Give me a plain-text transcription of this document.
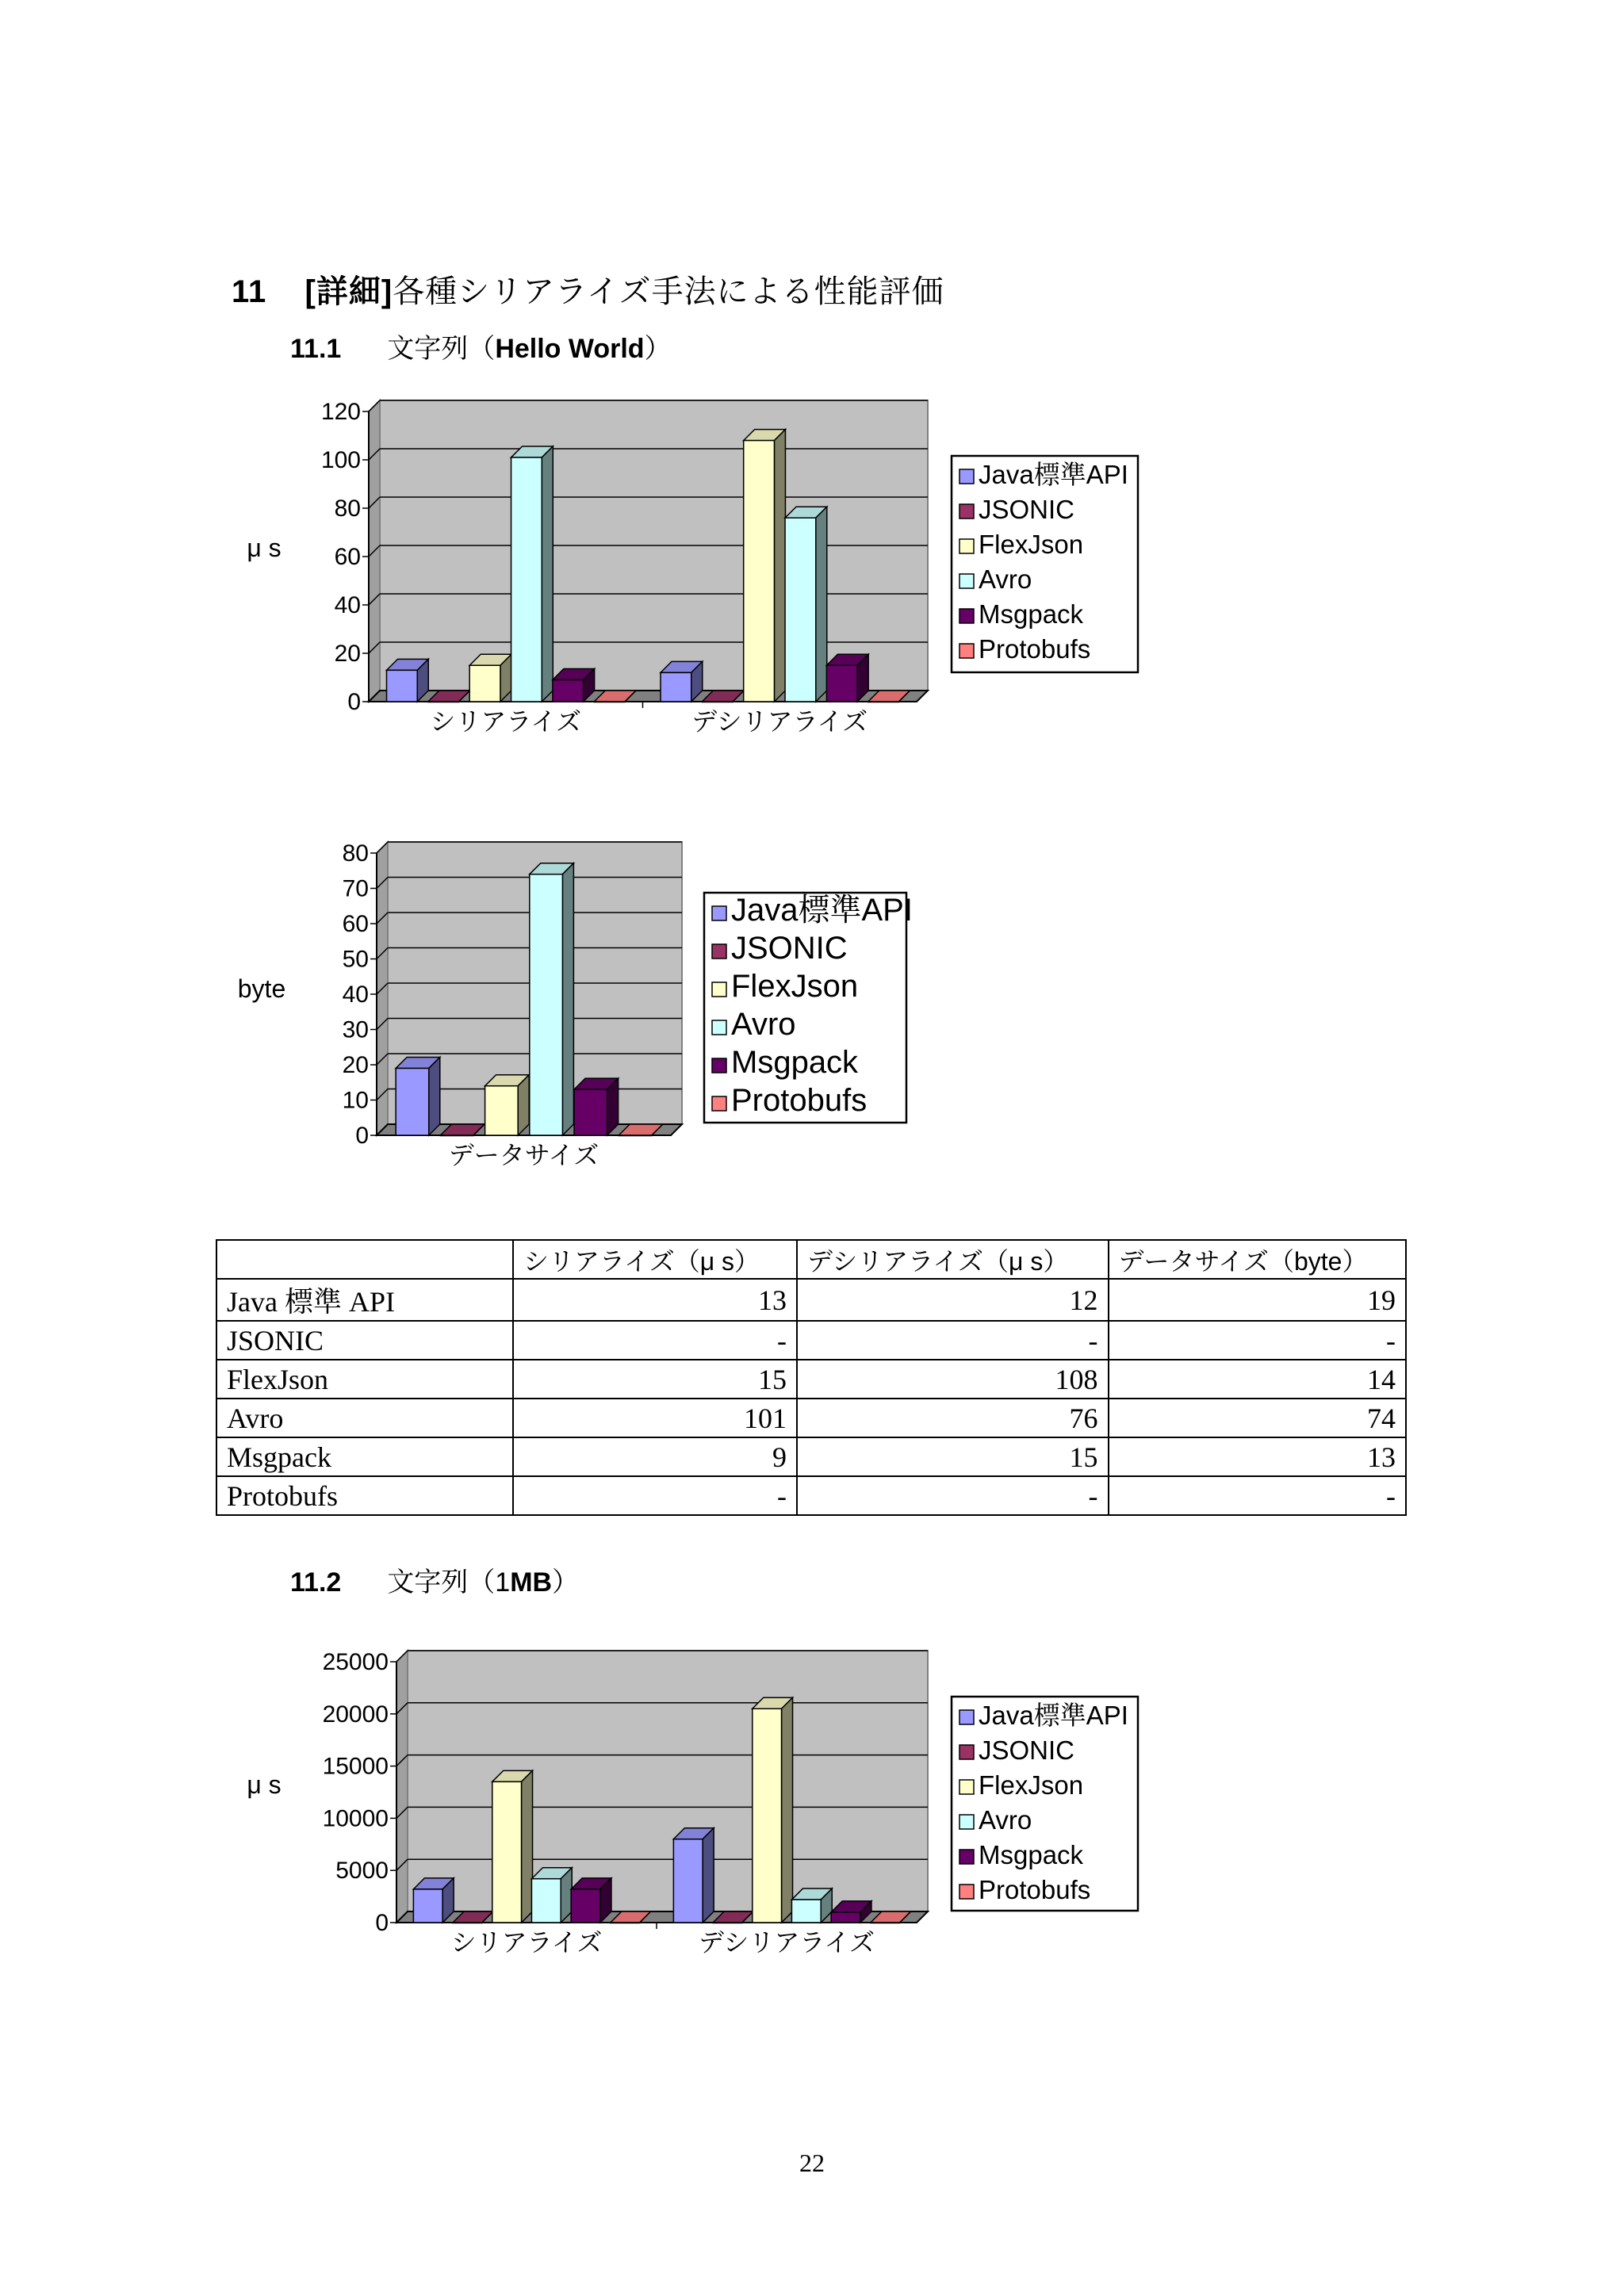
11 [詳細]各種シリアライズ手法による性能評価
11.1 文字列（Hello World）
0
20
40
60
80
100
120
μ s
シリアライズ	デシリアライズ
Java標準API
JSONIC
FlexJson
Avro
Msgpack
Protobufs
0
10
20
30
40
50
60
70
80
byte
データサイズ
Java標準API
JSONIC
FlexJson
Avro
Msgpack
Protobufs
	シリアライズ（μ s）	デシリアライズ（μ s）	データサイズ（byte）
Java 標準 API	13	12	19
JSONIC	-	-	-
FlexJson	15	108	14
Avro	101	76	74
Msgpack	9	15	13
Protobufs	-	-	-
11.2 文字列（1MB）
0
5000
10000
15000
20000
25000
μ s
シリアライズ	デシリアライズ
Java標準API
JSONIC
FlexJson
Avro
Msgpack
Protobufs
22
